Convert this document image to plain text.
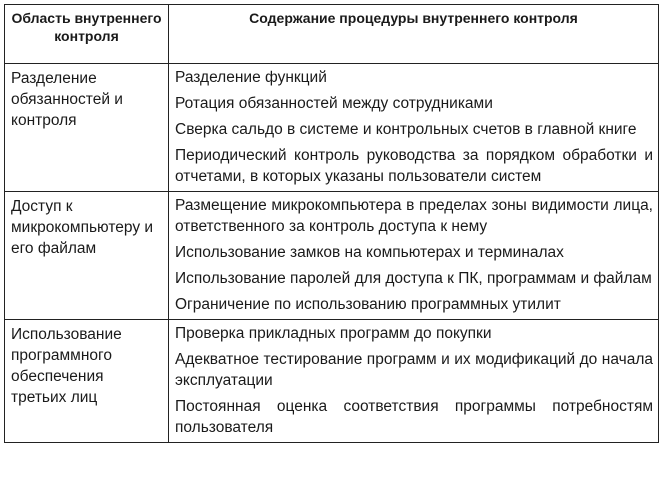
Область внутреннего контроля	Содержание процедуры внутреннего контроля
Разделение обязанностей и контроля	Разделение функций
Ротация обязанностей между сотрудниками
Сверка сальдо в системе и контрольных счетов в главной книге
Периодический контроль руководства за порядком обработки и отчетами, в которых указаны пользователи систем

Доступ к микрокомпьютеру и его файлам	Размещение микрокомпьютера в пределах зоны видимости лица, ответственного за контроль доступа к нему
Использование замков на компьютерах и терминалах
Использование паролей для доступа к ПК, программам и файлам
Ограничение по использованию программных утилит

Использование программного обеспечения третьих лиц	Проверка прикладных программ до покупки
Адекватное тестирование программ и их модификаций до начала эксплуатации
Постоянная оценка соответствия программы потребностям пользователя
